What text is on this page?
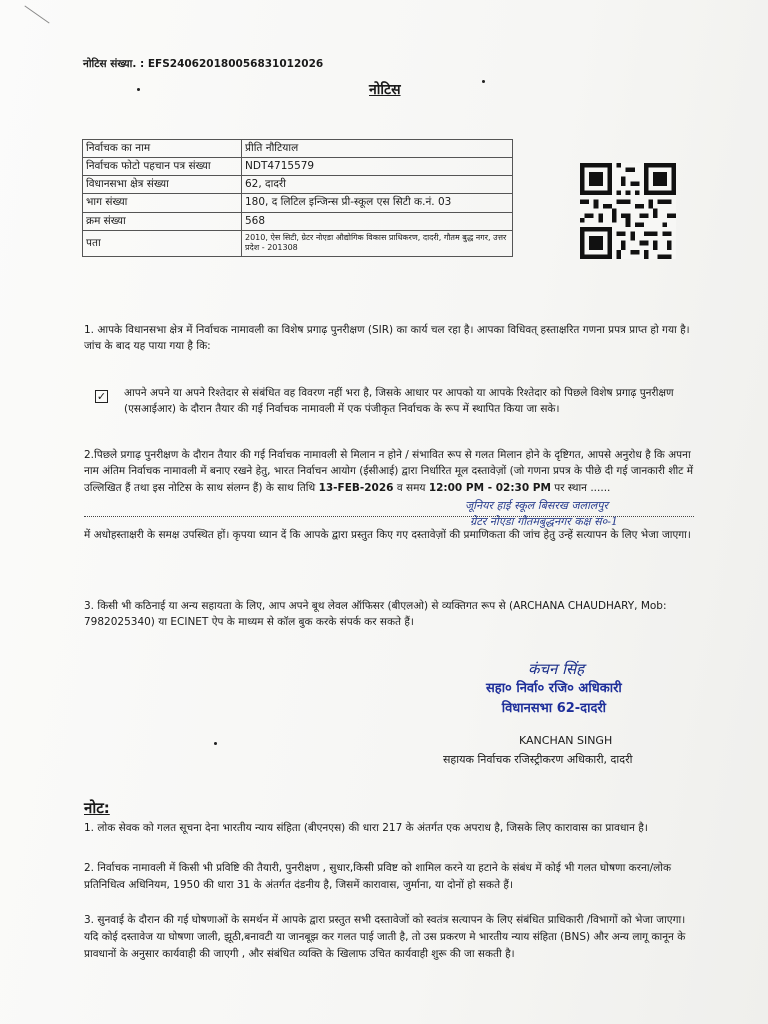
नोटिस संख्या. : EFS2406201800568310120​26
नोटिस
निर्वाचक का नाम	प्रीति नौटियाल
निर्वाचक फोटो पहचान पत्र संख्या	NDT4715579
विधानसभा क्षेत्र संख्या	62, दादरी
भाग संख्या	180, द लिटिल इन्जिन्स प्री-स्कूल एस सिटी क.नं. 03
क्रम संख्या	568
पता	2010, ऐस सिटी, ग्रेटर नोएडा औद्योगिक विकास प्राधिकरण, दादरी, गौतम बुद्ध नगर, उत्तर प्रदेश - 201308
1. आपके विधानसभा क्षेत्र में निर्वाचक नामावली का विशेष प्रगाढ़ पुनरीक्षण (SIR) का कार्य चल रहा है। आपका विधिवत् हस्ताक्षरित गणना प्रपत्र प्राप्त हो गया है। जांच के बाद यह पाया गया है कि:
✓ आपने अपने या अपने रिश्तेदार से संबंधित वह विवरण नहीं भरा है, जिसके आधार पर आपको या आपके रिश्तेदार को पिछले विशेष प्रगाढ़ पुनरीक्षण (एसआईआर) के दौरान तैयार की गई निर्वाचक नामावली में एक पंजीकृत निर्वाचक के रूप में स्थापित किया जा सके।
2.पिछले प्रगाढ़ पुनरीक्षण के दौरान तैयार की गई निर्वाचक नामावली से मिलान न होने / संभावित रूप से गलत मिलान होने के दृष्टिगत, आपसे अनुरोध है कि अपना नाम अंतिम निर्वाचक नामावली में बनाए रखने हेतु, भारत निर्वाचन आयोग (ईसीआई) द्वारा निर्धारित मूल दस्तावेज़ों (जो गणना प्रपत्र के पीछे दी गई जानकारी शीट में उल्लिखित हैं तथा इस नोटिस के साथ संलग्न हैं) के साथ तिथि 13-FEB-2026 व समय 12:00 PM - 02:30 PM पर स्थान ......
जूनियर हाई स्कूल बिसरख जलालपुर
ग्रेटर नोएडा गौतमबुद्धनगर कक्ष सं०-1
में अधोहस्ताक्षरी के समक्ष उपस्थित हों। कृपया ध्यान दें कि आपके द्वारा प्रस्तुत किए गए दस्तावेज़ों की प्रमाणिकता की जांच हेतु उन्हें सत्यापन के लिए भेजा जाएगा।
3. किसी भी कठिनाई या अन्य सहायता के लिए, आप अपने बूथ लेवल ऑफिसर (बीएलओ) से व्यक्तिगत रूप से (ARCHANA CHAUDHARY, Mob: 7982025340) या ECINET ऐप के माध्यम से कॉल बुक करके संपर्क कर सकते हैं।
कंचन सिंह
सहा० निर्वा० रजि० अधिकारी
विधानसभा 62-दादरी
KANCHAN SINGH
सहायक निर्वाचक रजिस्ट्रीकरण अधिकारी, दादरी
नोट:
1. लोक सेवक को गलत सूचना देना भारतीय न्याय संहिता (बीएनएस) की धारा 217 के अंतर्गत एक अपराध है, जिसके लिए कारावास का प्रावधान है।
2. निर्वाचक नामावली में किसी भी प्रविष्टि की तैयारी, पुनरीक्षण , सुधार,किसी प्रविष्ट को शामिल करने या हटाने के संबंध में कोई भी गलत घोषणा करना/लोक प्रतिनिधित्व अधिनियम, 1950 की धारा 31 के अंतर्गत दंडनीय है, जिसमें कारावास, जुर्माना, या दोनों हो सकते हैं।
3. सुनवाई के दौरान की गई घोषणाओं के समर्थन में आपके द्वारा प्रस्तुत सभी दस्तावेजों को स्वतंत्र सत्यापन के लिए संबंधित प्राधिकारी /विभागों को भेजा जाएगा। यदि कोई दस्तावेज या घोषणा जाली, झूठी,बनावटी या जानबूझ कर गलत पाई जाती है, तो उस प्रकरण मे भारतीय न्याय संहिता (BNS) और अन्य लागू कानून के प्रावधानों के अनुसार कार्यवाही की जाएगी , और संबंधित व्यक्ति के खिलाफ उचित कार्यवाही शुरू की जा सकती है।
